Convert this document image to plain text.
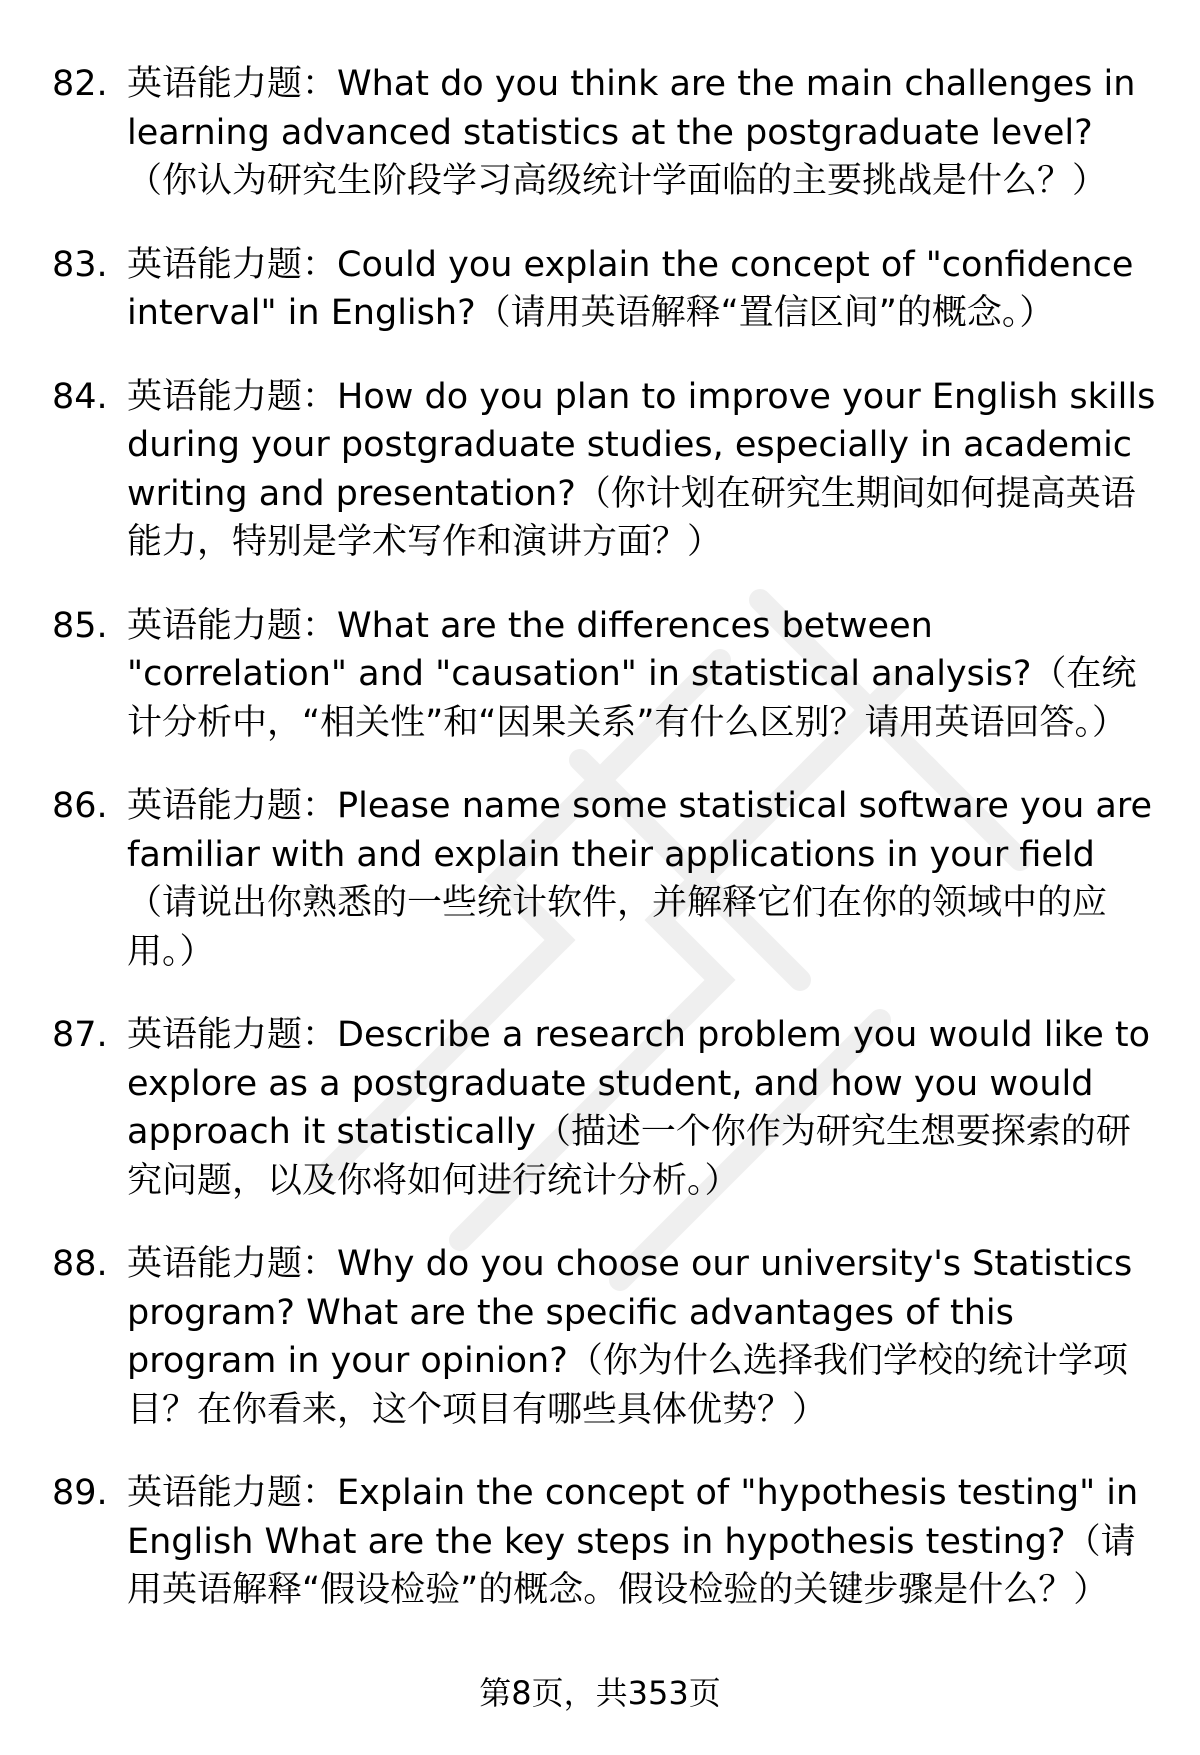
82. 英语能力题：What do you think are the main challenges in learning advanced statistics at the postgraduate level?（你认为研究生阶段学习高级统计学面临的主要挑战是什么？）
83. 英语能力题：Could you explain the concept of "confidence interval" in English?（请用英语解释“置信区间”的概念。）
84. 英语能力题：How do you plan to improve your English skills during your postgraduate studies, especially in academic writing and presentation?（你计划在研究生期间如何提高英语能力，特别是学术写作和演讲方面？）
85. 英语能力题：What are the differences between "correlation" and "causation" in statistical analysis?（在统计分析中，“相关性”和“因果关系”有什么区别？请用英语回答。）
86. 英语能力题：Please name some statistical software you are familiar with and explain their applications in your field（请说出你熟悉的一些统计软件，并解释它们在你的领域中的应用。）
87. 英语能力题：Describe a research problem you would like to explore as a postgraduate student, and how you would approach it statistically（描述一个你作为研究生想要探索的研究问题，以及你将如何进行统计分析。）
88. 英语能力题：Why do you choose our university's Statistics program? What are the specific advantages of this program in your opinion?（你为什么选择我们学校的统计学项目？在你看来，这个项目有哪些具体优势？）
89. 英语能力题：Explain the concept of "hypothesis testing" in English What are the key steps in hypothesis testing?（请用英语解释“假设检验”的概念。假设检验的关键步骤是什么？）
第8页，共353页
